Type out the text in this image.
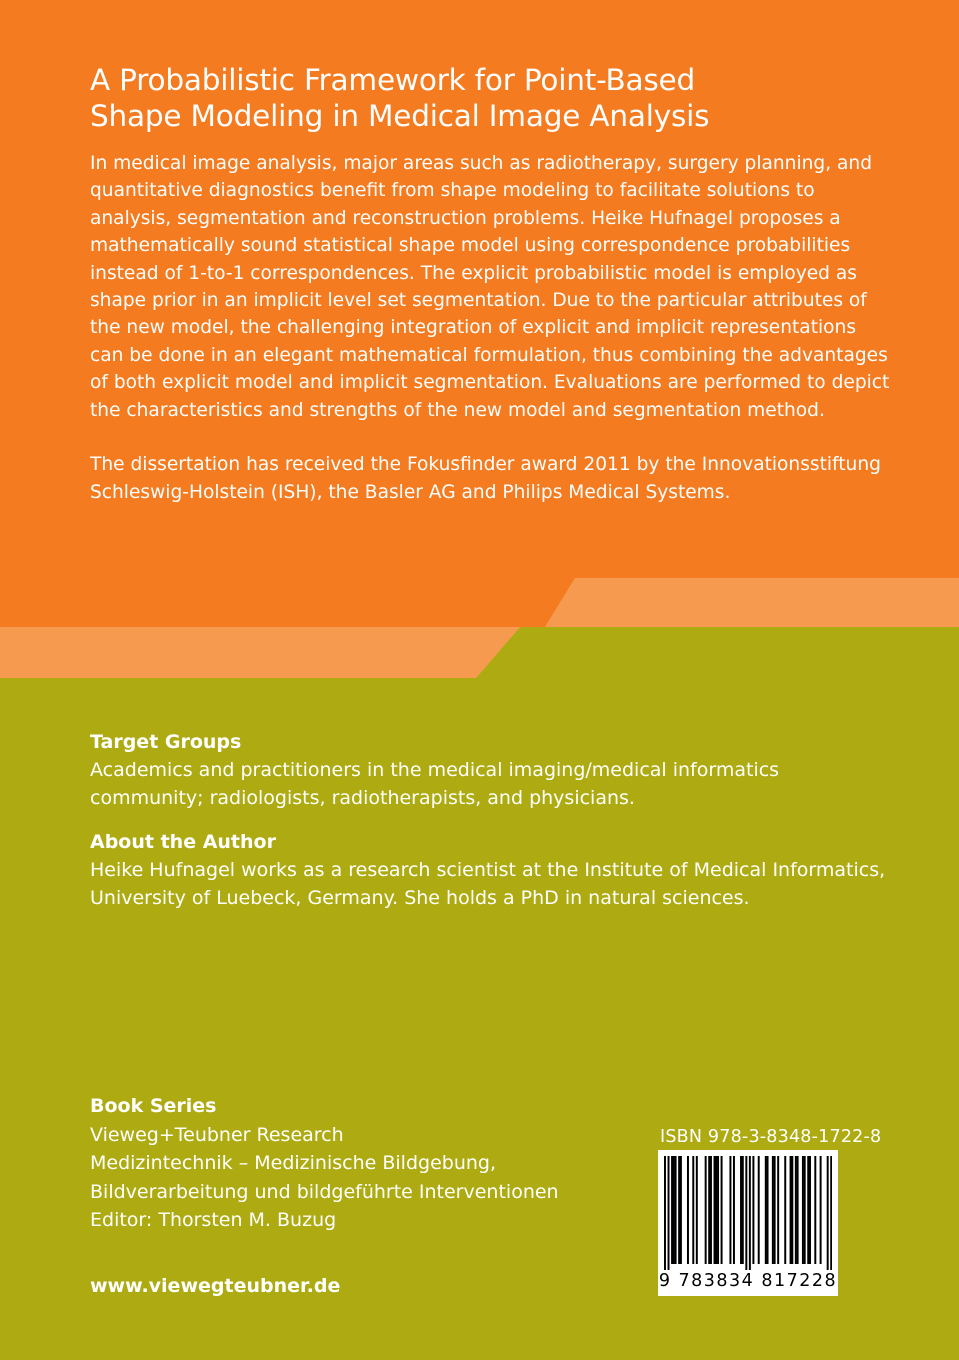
A Probabilistic Framework for Point-Based
Shape Modeling in Medical Image Analysis

In medical image analysis, major areas such as radiotherapy, surgery planning, and quantitative diagnostics benefit from shape modeling to facilitate solutions to analysis, segmentation and reconstruction problems. Heike Hufnagel proposes a mathematically sound statistical shape model using correspondence probabilities instead of 1-to-1 correspondences. The explicit probabilistic model is employed as shape prior in an implicit level set segmentation. Due to the particular attributes of the new model, the challenging integration of explicit and implicit representations can be done in an elegant mathematical formulation, thus combining the advantages of both explicit model and implicit segmentation. Evaluations are performed to depict the characteristics and strengths of the new model and segmentation method.

The dissertation has received the Fokusfinder award 2011 by the Innovationsstiftung Schleswig-Holstein (ISH), the Basler AG and Philips Medical Systems.

Target Groups
Academics and practitioners in the medical imaging/medical informatics community; radiologists, radiotherapists, and physicians.
About the Author
Heike Hufnagel works as a research scientist at the Institute of Medical Informatics, University of Luebeck, Germany. She holds a PhD in natural sciences.
Book Series
Vieweg+Teubner Research
Medizintechnik – Medizinische Bildgebung,
Bildverarbeitung und bildgeführte Interventionen
Editor: Thorsten M. Buzug
www.viewegteubner.de
ISBN 978-3-8348-1722-8
9 783834 817228
